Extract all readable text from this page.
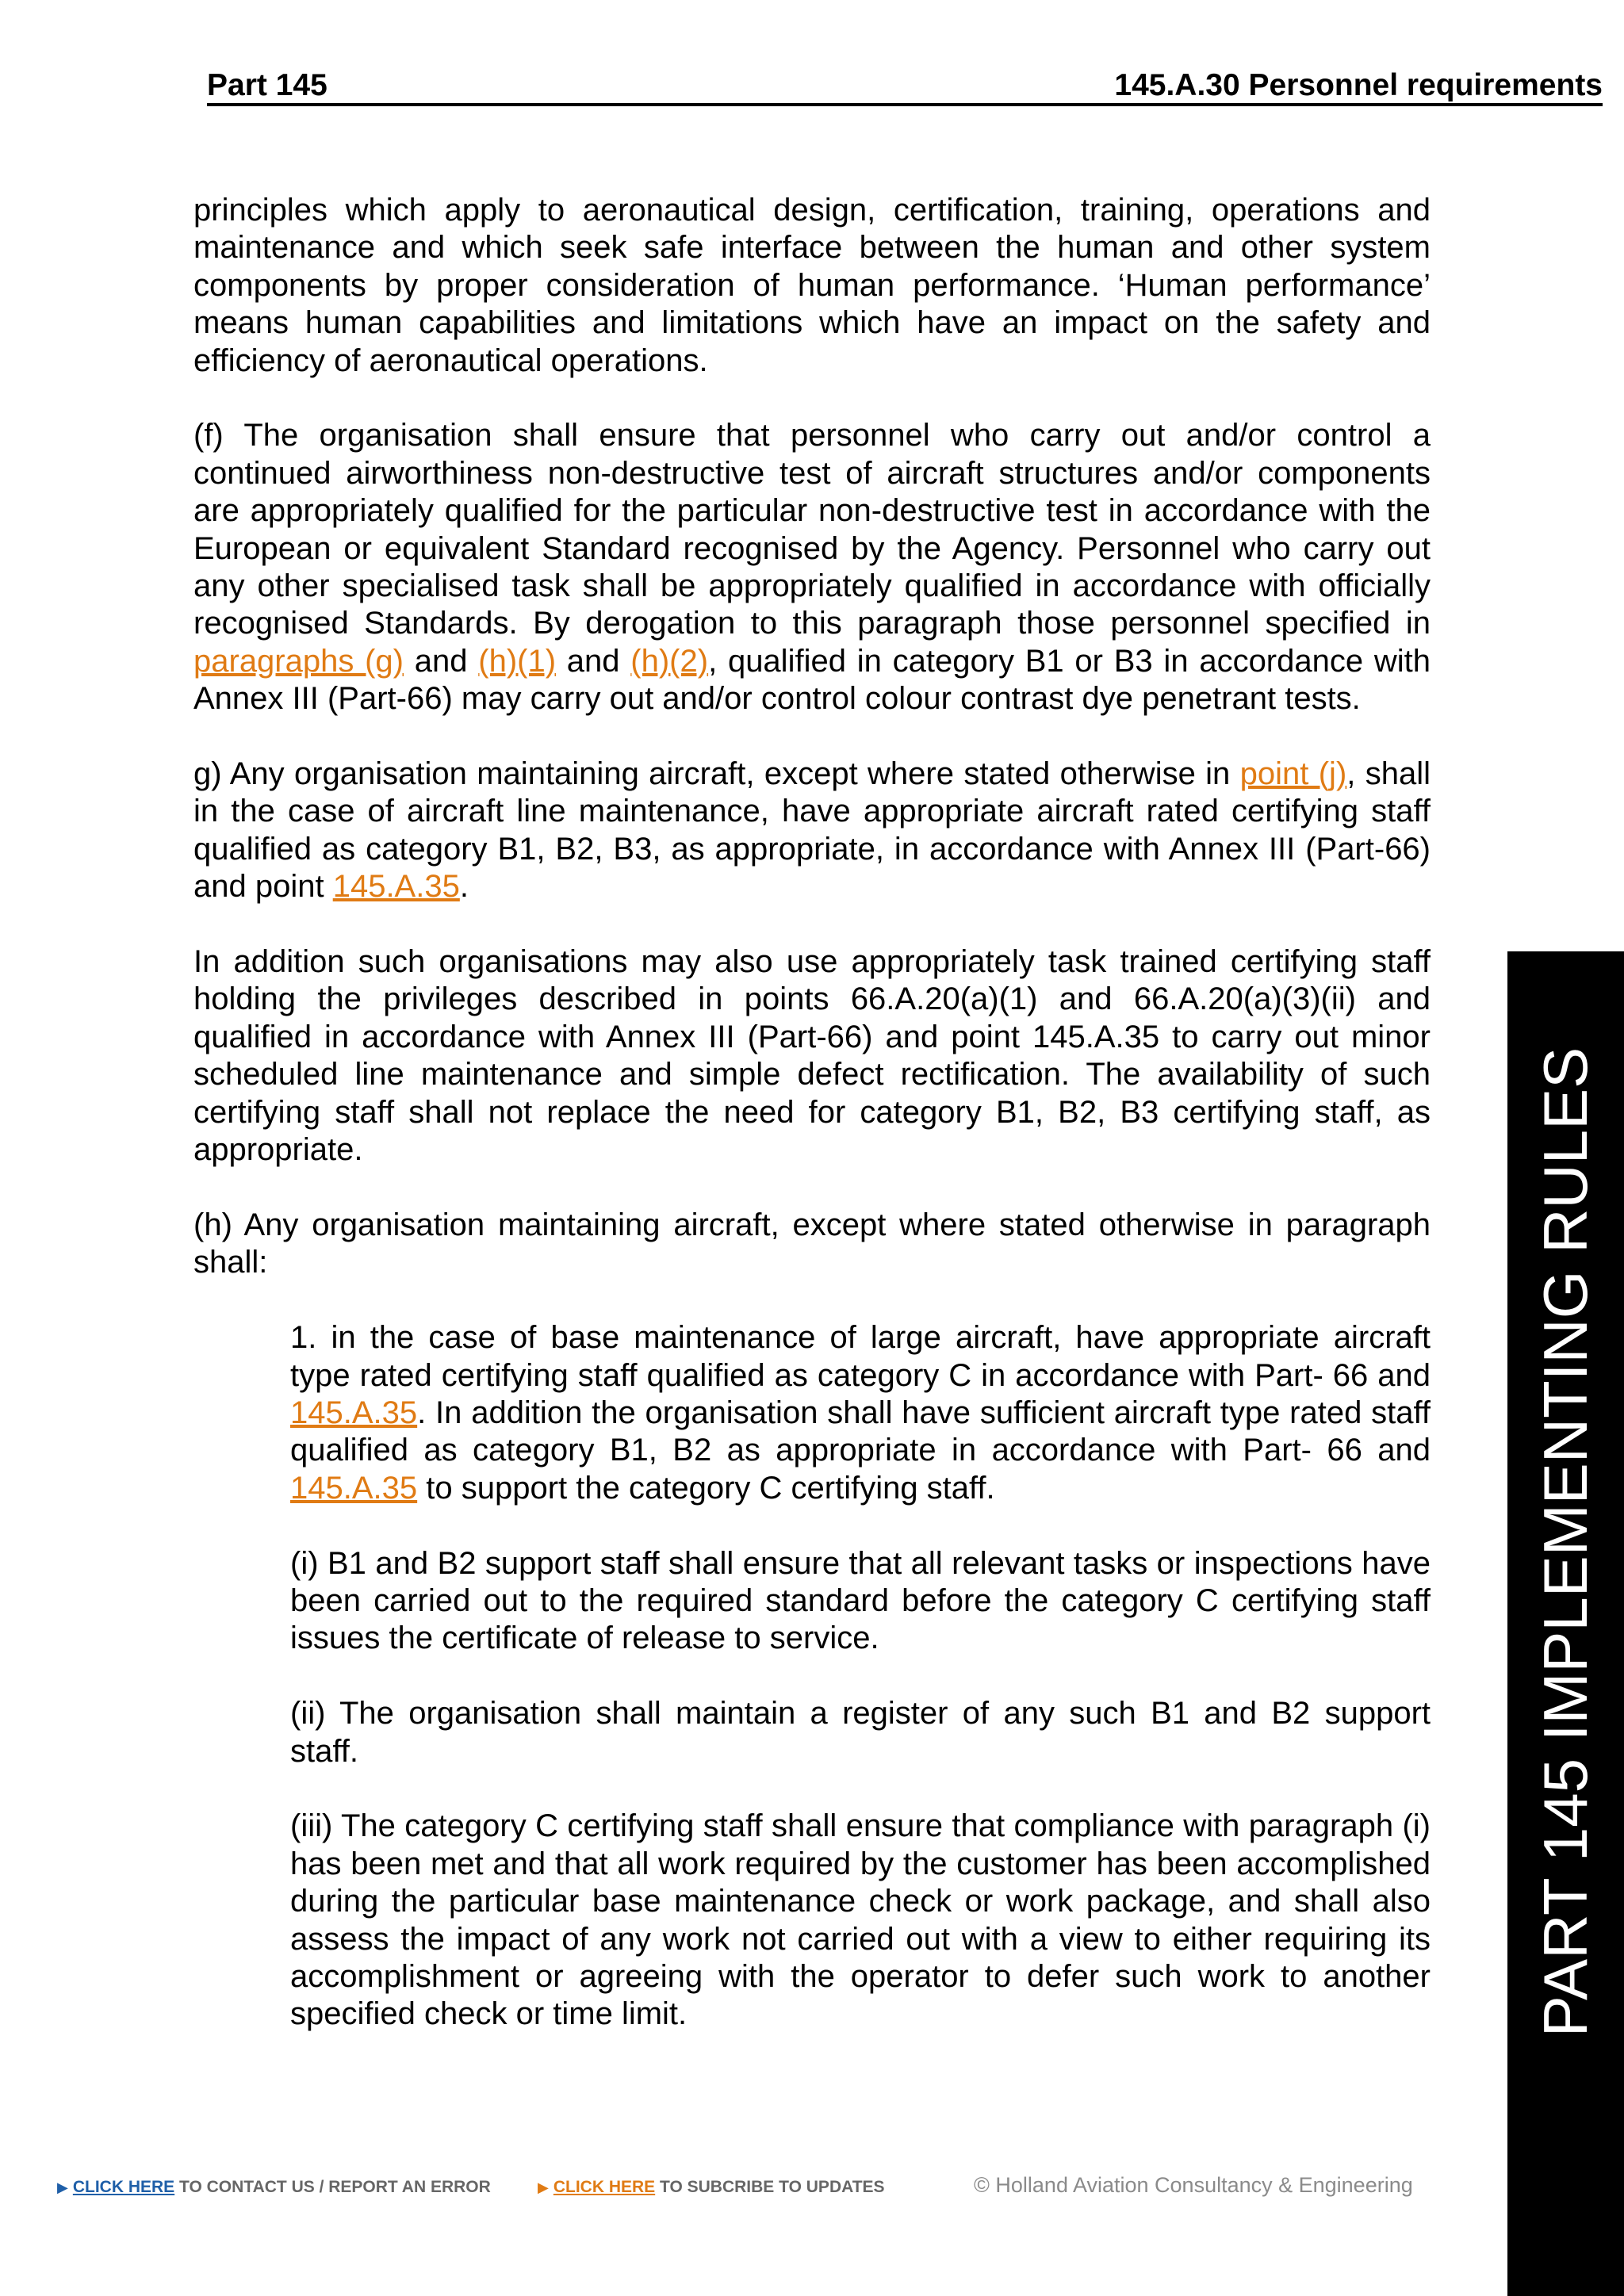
Part 145	145.A.30 Personnel requirements

principles which apply to aeronautical design, certification, training, operations and maintenance and which seek safe interface between the human and other system components by proper consideration of human performance. ‘Human performance’ means human capabilities and limitations which have an impact on the safety and efficiency of aeronautical operations.

(f) The organisation shall ensure that personnel who carry out and/or control a continued airworthiness non-destructive test of aircraft structures and/or components are appropriately qualified for the particular non-destructive test in accordance with the European or equivalent Standard recognised by the Agency. Personnel who carry out any other specialised task shall be appropriately qualified in accordance with officially recognised Standards. By derogation to this paragraph those personnel specified in paragraphs (g) and (h)(1) and (h)(2), qualified in category B1 or B3 in accordance with Annex III (Part-66) may carry out and/or control colour contrast dye penetrant tests.

g) Any organisation maintaining aircraft, except where stated otherwise in point (j), shall in the case of aircraft line maintenance, have appropriate aircraft rated certifying staff qualified as category B1, B2, B3, as appropriate, in accordance with Annex III (Part-66) and point 145.A.35.

In addition such organisations may also use appropriately task trained certifying staff holding the privileges described in points 66.A.20(a)(1) and 66.A.20(a)(3)(ii) and qualified in accordance with Annex III (Part-66) and point 145.A.35 to carry out minor scheduled line maintenance and simple defect rectification. The availability of such certifying staff shall not replace the need for category B1, B2, B3 certifying staff, as appropriate.

(h) Any organisation maintaining aircraft, except where stated otherwise in paragraph shall:

1. in the case of base maintenance of large aircraft, have appropriate aircraft type rated certifying staff qualified as category C in accordance with Part- 66 and 145.A.35. In addition the organisation shall have sufficient aircraft type rated staff qualified as category B1, B2 as appropriate in accordance with Part- 66 and 145.A.35 to support the category C certifying staff.

(i) B1 and B2 support staff shall ensure that all relevant tasks or inspections have been carried out to the required standard before the category C certifying staff issues the certificate of release to service.

(ii) The organisation shall maintain a register of any such B1 and B2 support staff.

(iii) The category C certifying staff shall ensure that compliance with paragraph (i) has been met and that all work required by the customer has been accomplished during the particular base maintenance check or work package, and shall also assess the impact of any work not carried out with a view to either requiring its accomplishment or agreeing with the operator to defer such work to another specified check or time limit.	PART 145 IMPLEMENTING RULES
▶ CLICK HERE TO CONTACT US / REPORT AN ERROR	▶ CLICK HERE TO SUBCRIBE TO UPDATES	© Holland Aviation Consultancy & Engineering
